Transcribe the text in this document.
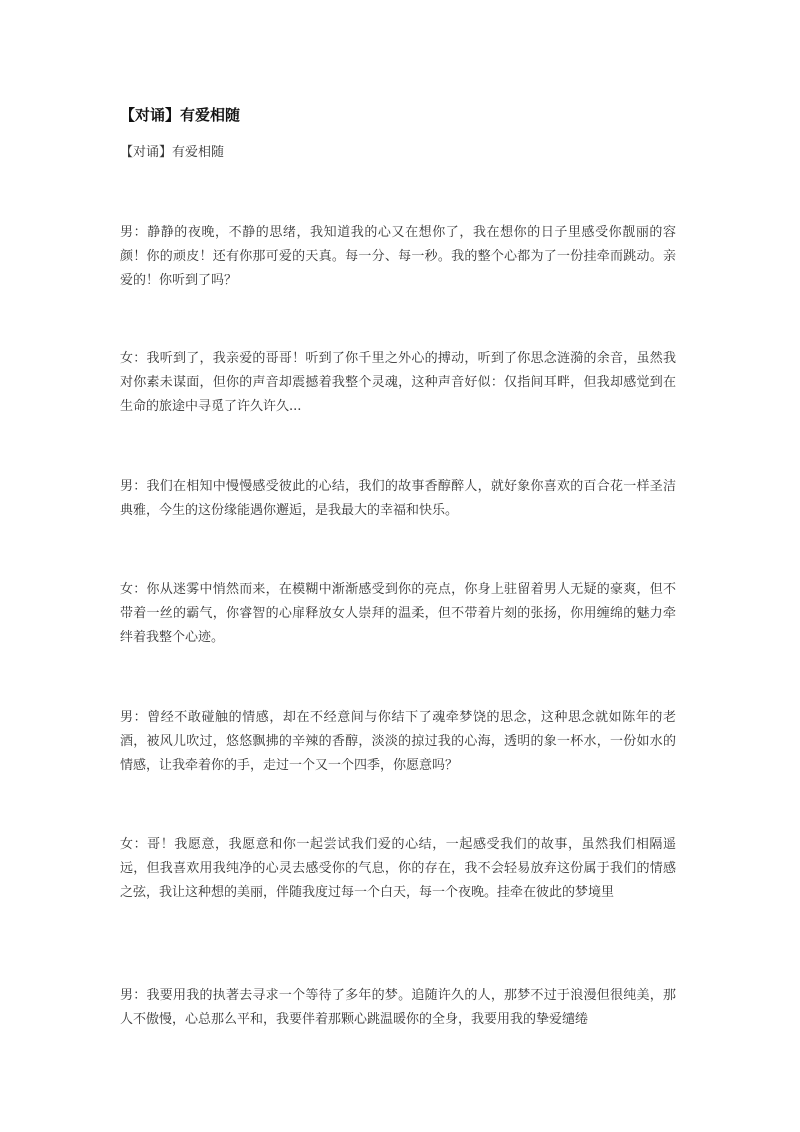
【对诵】有爱相随
【对诵】有爱相随

男：静静的夜晚，不静的思绪，我知道我的心又在想你了，我在想你的日子里感受你靓丽的容颜！你的顽皮！还有你那可爱的天真。每一分、每一秒。我的整个心都为了一份挂牵而跳动。亲爱的！你听到了吗？

女：我听到了，我亲爱的哥哥！听到了你千里之外心的搏动，听到了你思念涟漪的余音，虽然我对你素未谋面，但你的声音却震撼着我整个灵魂，这种声音好似：仅指间耳畔，但我却感觉到在生命的旅途中寻觅了许久许久...

男：我们在相知中慢慢感受彼此的心结，我们的故事香醇醉人，就好象你喜欢的百合花一样圣洁典雅，今生的这份缘能遇你邂逅，是我最大的幸福和快乐。

女：你从迷雾中悄然而来，在模糊中渐渐感受到你的亮点，你身上驻留着男人无疑的豪爽，但不带着一丝的霸气，你睿智的心扉释放女人崇拜的温柔，但不带着片刻的张扬，你用缠绵的魅力牵绊着我整个心迹。

男：曾经不敢碰触的情感，却在不经意间与你结下了魂牵梦饶的思念，这种思念就如陈年的老酒，被风儿吹过，悠悠飘拂的辛辣的香醇，淡淡的掠过我的心海，透明的象一杯水，一份如水的情感，让我牵着你的手，走过一个又一个四季，你愿意吗？

女：哥！我愿意，我愿意和你一起尝试我们爱的心结，一起感受我们的故事，虽然我们相隔遥远，但我喜欢用我纯净的心灵去感受你的气息，你的存在，我不会轻易放弃这份属于我们的情感之弦，我让这种想的美丽，伴随我度过每一个白天，每一个夜晚。挂牵在彼此的梦境里

男：我要用我的执著去寻求一个等待了多年的梦。追随许久的人，那梦不过于浪漫但很纯美，那人不傲慢，心总那么平和，我要伴着那颗心跳温暖你的全身，我要用我的挚爱缱绻
